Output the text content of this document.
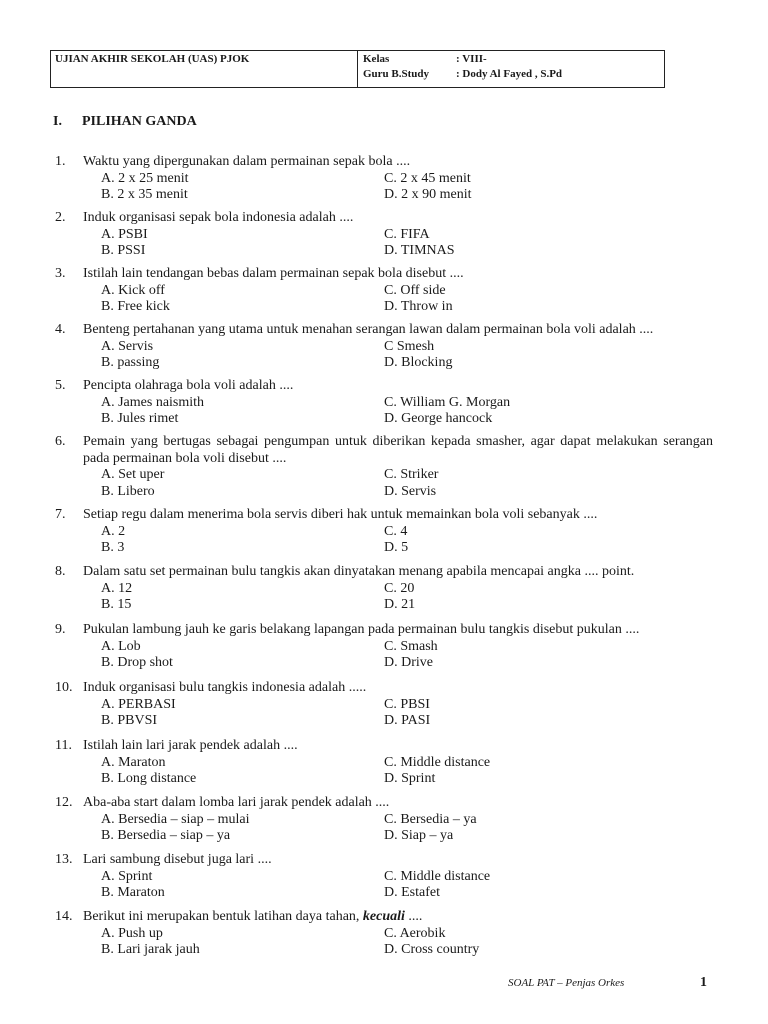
UJIAN AKHIR SEKOLAH (UAS) PJOK	Kelas	: VIII-
Guru B.Study : Dody Al Fayed , S.Pd
I. PILIHAN GANDA
1. Waktu yang dipergunakan dalam permainan sepak bola ....
A. 2 x 25 menit	C. 2 x 45 menit
B. 2 x 35 menit	D. 2 x 90 menit
2. Induk organisasi sepak bola indonesia adalah ....
A. PSBI	C. FIFA
B. PSSI	D. TIMNAS
3. Istilah lain tendangan bebas dalam permainan sepak bola disebut ....
A. Kick off	C. Off side
B. Free kick	D. Throw in
4. Benteng pertahanan yang utama untuk menahan serangan lawan dalam permainan bola voli adalah ....
A. Servis	C Smesh
B. passing	D. Blocking
5. Pencipta olahraga bola voli adalah ....
A. James naismith	C. William G. Morgan
B. Jules rimet	D. George hancock
6. Pemain yang bertugas sebagai pengumpan untuk diberikan kepada smasher, agar dapat melakukan serangan pada permainan bola voli disebut ....
A. Set uper	C. Striker
B. Libero	D. Servis
7. Setiap regu dalam menerima bola servis diberi hak untuk memainkan bola voli sebanyak ....
A. 2	C. 4
B. 3	D. 5
8. Dalam satu set permainan bulu tangkis akan dinyatakan menang apabila mencapai angka .... point.
A. 12	C. 20
B. 15	D. 21
9. Pukulan lambung jauh ke garis belakang lapangan pada permainan bulu tangkis disebut pukulan ....
A. Lob	C. Smash
B. Drop shot	D. Drive
10. Induk organisasi bulu tangkis indonesia adalah .....
A. PERBASI	C. PBSI
B. PBVSI	D. PASI
11. Istilah lain lari jarak pendek adalah ....
A. Maraton	C. Middle distance
B. Long distance	D. Sprint
12. Aba-aba start dalam lomba lari jarak pendek adalah ....
A. Bersedia – siap – mulai	C. Bersedia – ya
B. Bersedia – siap – ya	D. Siap – ya
13. Lari sambung disebut juga lari ....
A. Sprint	C. Middle distance
B. Maraton	D. Estafet
14. Berikut ini merupakan bentuk latihan daya tahan, kecuali ....
A. Push up	C. Aerobik
B. Lari jarak jauh	D. Cross country
SOAL PAT – Penjas Orkes	1
